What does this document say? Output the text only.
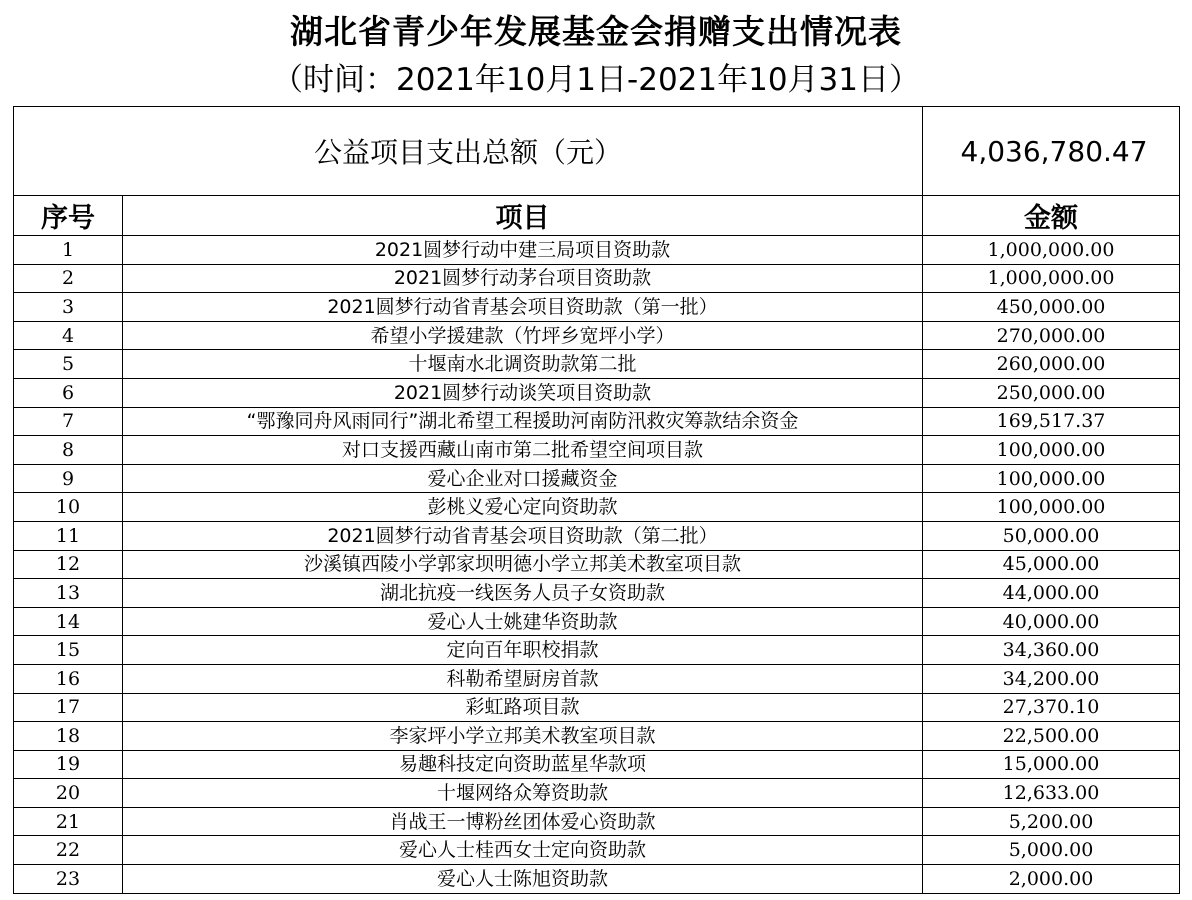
湖北省青少年发展基金会捐赠支出情况表
（时间：2021年10月1日-2021年10月31日）
公益项目支出总额（元）		4,036,780.47
序号	项目	金额
1	2021圆梦行动中建三局项目资助款	1,000,000.00
2	2021圆梦行动茅台项目资助款	1,000,000.00
3	2021圆梦行动省青基会项目资助款（第一批）	450,000.00
4	希望小学援建款（竹坪乡宽坪小学）	270,000.00
5	十堰南水北调资助款第二批	260,000.00
6	2021圆梦行动谈笑项目资助款	250,000.00
7	“鄂豫同舟风雨同行”湖北希望工程援助河南防汛救灾筹款结余资金	169,517.37
8	对口支援西藏山南市第二批希望空间项目款	100,000.00
9	爱心企业对口援藏资金	100,000.00
10	彭桃义爱心定向资助款	100,000.00
11	2021圆梦行动省青基会项目资助款（第二批）	50,000.00
12	沙溪镇西陵小学郭家坝明德小学立邦美术教室项目款	45,000.00
13	湖北抗疫一线医务人员子女资助款	44,000.00
14	爱心人士姚建华资助款	40,000.00
15	定向百年职校捐款	34,360.00
16	科勒希望厨房首款	34,200.00
17	彩虹路项目款	27,370.10
18	李家坪小学立邦美术教室项目款	22,500.00
19	易趣科技定向资助蓝星华款项	15,000.00
20	十堰网络众筹资助款	12,633.00
21	肖战王一博粉丝团体爱心资助款	5,200.00
22	爱心人士桂西女士定向资助款	5,000.00
23	爱心人士陈旭资助款	2,000.00
